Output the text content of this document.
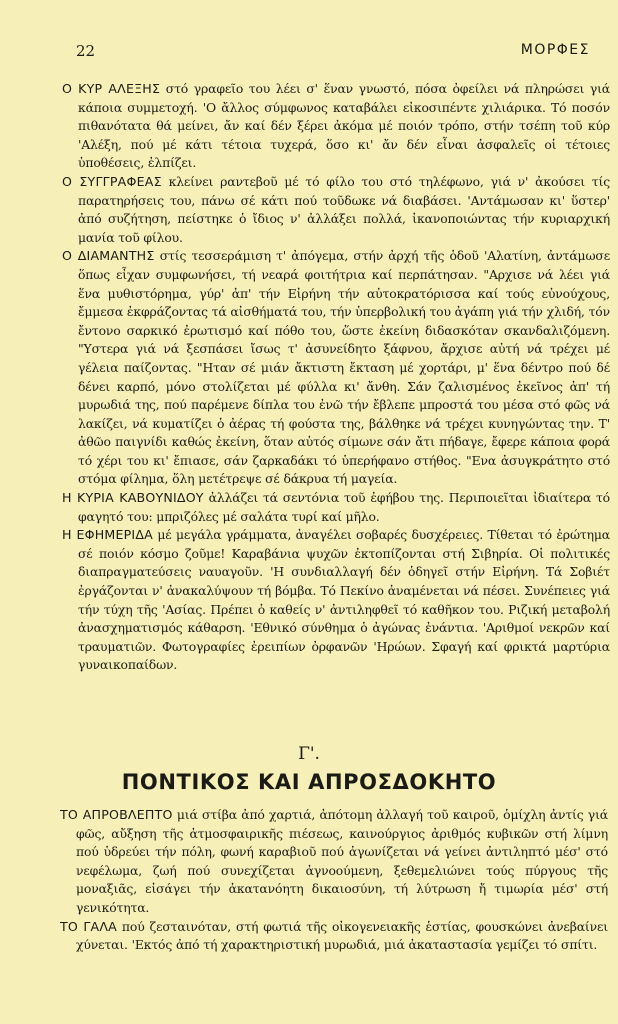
22	ΜΟΡΦΕΣ

Ο ΚΥΡ ΑΛΕΞΗΣ στό γραφεῖο του λέει σ' ἕναν γνωστό, πόσα ὀφείλει νά πληρώσει γιά κάποια συμμετοχή. 'Ο ἄλλος σύμφωνος καταβάλει εἰκοσιπέντε χιλιάρικα. Τό ποσόν πιθανότατα θά μείνει, ἄν καί δέν ξέρει ἀκόμα μέ ποιόν τρόπο, στήν τσέπη τοῦ κύρ 'Αλέξη, πού μέ κάτι τέτοια τυχερά, ὅσο κι' ἄν δέν εἶναι ἀσφαλεῖς οἱ τέτοιες ὑποθέσεις, ἐλπίζει.

Ο ΣΥΓΓΡΑΦΕΑΣ κλείνει ραντεβοῦ μέ τό φίλο του στό τηλέφωνο, γιά ν' ἀκούσει τίς παρατηρήσεις του, πάνω σέ κάτι πού τοῦδωκε νά διαβάσει. 'Αντάμωσαν κι' ὕστερ' ἀπό συζήτηση, πείστηκε ὁ ἴδιος ν' ἀλλάξει πολλά, ἱκανοποιώντας τήν κυριαρχική μανία τοῦ φίλου.

Ο ΔΙΑΜΑΝΤΗΣ στίς τεσσεράμιση τ' ἀπόγεμα, στήν ἀρχή τῆς ὁδοῦ 'Αλατίνη, ἀντάμωσε ὅπως εἶχαν συμφωνήσει, τή νεαρά φοιτήτρια καί περπάτησαν. "Αρχισε νά λέει γιά ἕνα μυθιστόρημα, γύρ' ἀπ' τήν Εἰρήνη τήν αὐτοκρατόρισσα καί τούς εὐνούχους, ἔμμεσα ἐκφράζοντας τά αἰσθήματά του, τήν ὑπερβολική του ἀγάπη γιά τήν χλιδή, τόν ἔντονο σαρκικό ἐρωτισμό καί πόθο του, ὥστε ἐκείνη διδασκόταν σκανδαλιζόμενη. "Υστερα γιά νά ξεσπάσει ἴσως τ' ἀσυνείδητο ξάφνου, ἄρχισε αὐτή νά τρέχει μέ γέλεια παίζοντας. "Ηταν σέ μιάν ἄκτιστη ἔκταση μέ χορτάρι, μ' ἕνα δέντρο πού δέ δένει καρπό, μόνο στολίζεται μέ φύλλα κι' ἄνθη. Σάν ζαλισμένος ἐκεῖνος ἀπ' τή μυρωδιά της, πού παρέμενε δίπλα του ἐνῶ τήν ἔβλεπε μπροστά του μέσα στό φῶς νά λακίζει, νά κυματίζει ὁ ἀέρας τή φούστα της, βάλθηκε νά τρέχει κυνηγώντας την. Τ' ἀθῶο παιγνίδι καθώς ἐκείνη, ὅταν αὐτός σίμωνε σάν ἄτι πήδαγε, ἔφερε κάποια φορά τό χέρι του κι' ἔπιασε, σάν ζαρκαδάκι τό ὑπερήφανο στήθος. "Ενα ἀσυγκράτητο στό στόμα φίλημα, ὅλη μετέτρεψε σέ δάκρυα τή μαγεία.

Η ΚΥΡΙΑ ΚΑΒΟΥΝΙΔΟΥ ἀλλάζει τά σεντόνια τοῦ ἐφήβου της. Περιποιεῖται ἰδιαίτερα τό φαγητό του: μπριζόλες μέ σαλάτα τυρί καί μῆλο.

Η ΕΦΗΜΕΡΙΔΑ μέ μεγάλα γράμματα, ἀναγέλει σοβαρές δυσχέρειες. Τίθεται τό ἐρώτημα σέ ποιόν κόσμο ζοῦμε! Καραβάνια ψυχῶν ἐκτοπίζονται στή Σιβηρία. Οἱ πολιτικές διαπραγματεύσεις ναυαγοῦν. 'Η συνδιαλλαγή δέν ὁδηγεῖ στήν Εἰρήνη. Τά Σοβιέτ ἐργάζονται ν' ἀνακαλύψουν τή βόμβα. Τό Πεκίνο ἀναμένεται νά πέσει. Συνέπειες γιά τήν τύχη τῆς 'Ασίας. Πρέπει ὁ καθείς ν' ἀντιληφθεῖ τό καθῆκον του. Ριζική μεταβολή ἀνασχηματισμός κάθαρση. 'Εθνικό σύνθημα ὁ ἀγώνας ἐνάντια. 'Αριθμοί νεκρῶν καί τραυματιῶν. Φωτογραφίες ἐρειπίων ὀρφανῶν 'Ηρώων. Σφαγή καί φρικτά μαρτύρια γυναικοπαίδων.

Γ'.
ΠΟΝΤΙΚΟΣ ΚΑΙ ΑΠΡΟΣΔΟΚΗΤΟ

ΤΟ ΑΠΡΟΒΛΕΠΤΟ μιά στίβα ἀπό χαρτιά, ἀπότομη ἀλλαγή τοῦ καιροῦ, ὁμίχλη ἀντίς γιά φῶς, αὔξηση τῆς ἀτμοσφαιρικῆς πιέσεως, καινούργιος ἀριθμός κυβικῶν στή λίμνη πού ὑδρεύει τήν πόλη, φωνή καραβιοῦ πού ἀγωνίζεται νά γείνει ἀντιληπτό μέσ' στό νεφέλωμα, ζωή πού συνεχίζεται ἀγνοούμενη, ξεθεμελιώνει τούς πύργους τῆς μοναξιᾶς, εἰσάγει τήν ἀκατανόητη δικαιοσύνη, τή λύτρωση ἤ τιμωρία μέσ' στή γενικότητα.

ΤΟ ΓΑΛΑ πού ζεσταινόταν, στή φωτιά τῆς οἰκογενειακῆς ἑστίας, φουσκώνει ἀνεβαίνει χύνεται. 'Εκτός ἀπό τή χαρακτηριστική μυρωδιά, μιά ἀκαταστασία γεμίζει τό σπίτι.
